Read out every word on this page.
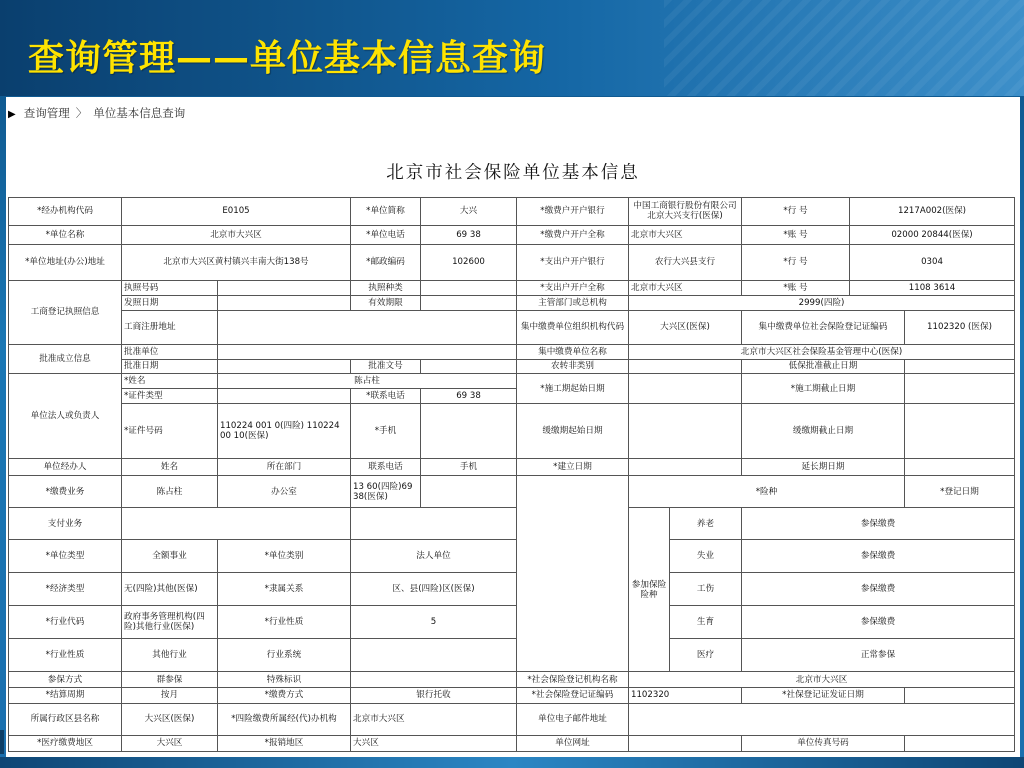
查询管理——单位基本信息查询
▶ 查询管理 〉 单位基本信息查询
北京市社会保险单位基本信息
*经办机构代码	E0105		*单位简称	大兴	*缴费户开户银行	中国工商银行股份有限公司北京大兴支行(医保)		*行 号	1217A002(医保)		
*单位名称	北京市大兴区		*单位电话	69 38	*缴费户开户全称	北京市大兴区		*账 号	02000 20844(医保)		
*单位地址(办公)地址	北京市大兴区黄村镇兴丰南大街138号		*邮政编码	102600	*支出户开户银行	农行大兴县支行		*行 号	0304		
工商登记执照信息	执照号码		执照种类		*支出户开户全称	北京市大兴区		*账 号	1108 3614		
	发照日期		有效期限		主管部门或总机构	2999(四险)					
	工商注册地址				集中缴费单位组织机构代码	大兴区(医保)		集中缴费单位社会保险登记证编码		1102320 (医保)	
批准成立信息	批准单位				集中缴费单位名称	北京市大兴区社会保险基金管理中心(医保)					
	批准日期		批准文号		农转非类别			低保批准截止日期			
单位法人或负责人	*姓名	陈占柱			*施工期起始日期			*施工期截止日期			
	*证件类型		*联系电话	69 38							
	*证件号码	110224 001 0(四险) 110224 00 10(医保)	*手机		缓缴期起始日期			缓缴期截止日期			
单位经办人	姓名	所在部门	联系电话	手机	*建立日期			延长期日期			
*缴费业务	陈占柱	办公室	13 60(四险)69 38(医保)			*险种				*登记日期	
支付业务						参加保险险种	养老	参保缴费	
*单位类型	全额事业	*单位类别	法人单位				失业	参保缴费	
*经济类型	无(四险)其他(医保)	*隶属关系	区、县(四险)区(医保)				工伤	参保缴费	
*行业代码	政府事务管理机构(四险)其他行业(医保)	*行业性质	5				生育	参保缴费	
*行业性质	其他行业	行业系统					医疗	正常参保	
参保方式	群参保	特殊标识			*社会保险登记机构名称	北京市大兴区					
*结算周期	按月	*缴费方式	银行托收		*社会保险登记证编码	1102320		*社保登记证发证日期			
所属行政区县名称	大兴区(医保)	*四险缴费所属经(代)办机构	北京市大兴区		单位电子邮件地址						
*医疗缴费地区	大兴区	*报销地区	大兴区		单位网址			单位传真号码			
